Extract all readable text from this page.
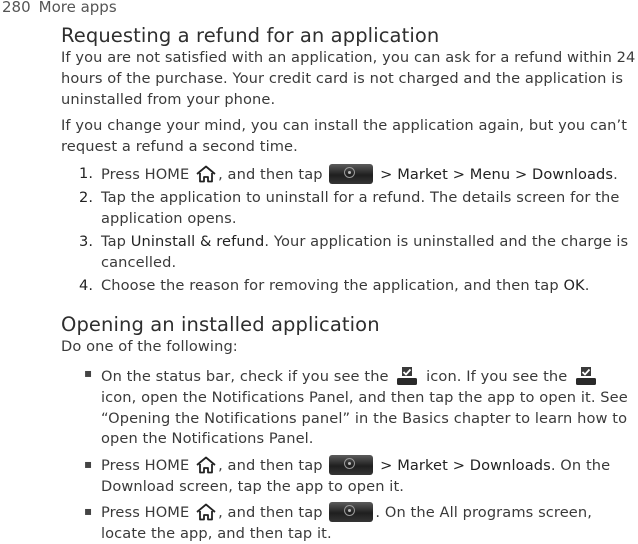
280 More apps
Requesting a refund for an application

If you are not satisfied with an application, you can ask for a refund within 24 hours of the purchase. Your credit card is not charged and the application is uninstalled from your phone.

If you change your mind, you can install the application again, but you can’t request a refund a second time.

1. Press HOME , and then tap	> Market > Menu > Downloads.
2. Tap the application to uninstall for a refund. The details screen for the application opens.
3. Tap Uninstall & refund. Your application is uninstalled and the charge is cancelled.
4. Choose the reason for removing the application, and then tap OK.
Opening an installed application

Do one of the following:

▪ On the status bar, check if you see the	icon. If you see the  icon, open the Notifications Panel, and then tap the app to open it. See “Opening the Notifications panel” in the Basics chapter to learn how to open the Notifications Panel.
▪ Press HOME , and then tap	> Market > Downloads. On the Download screen, tap the app to open it.
▪ Press HOME , and then tap	. On the All programs screen, locate the app, and then tap it.
